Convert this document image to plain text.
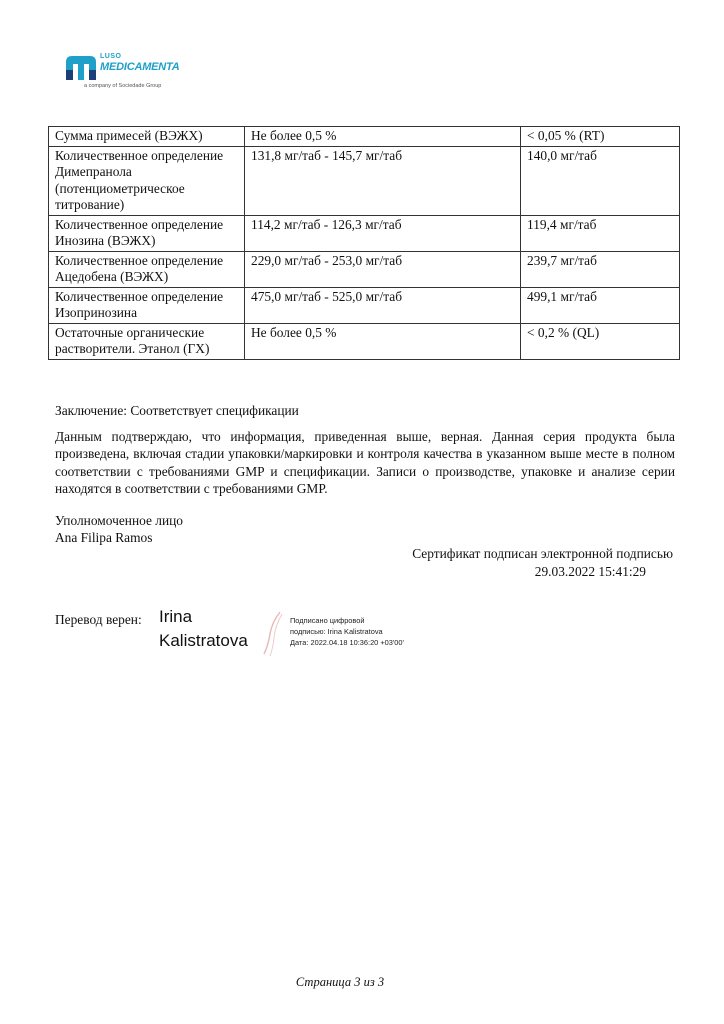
LUSO
MEDICAMENTA
a company of Sociedade Group
Сумма примесей (ВЭЖХ)	Не более 0,5 %	< 0,05 % (RT)
Количественное определение Димепранола (потенциометрическое титрование)	131,8 мг/таб - 145,7 мг/таб	140,0 мг/таб
Количественное определение Инозина (ВЭЖХ)	114,2 мг/таб - 126,3 мг/таб	119,4 мг/таб
Количественное определение Ацедобена (ВЭЖХ)	229,0 мг/таб - 253,0 мг/таб	239,7 мг/таб
Количественное определение Изопринозина	475,0 мг/таб - 525,0 мг/таб	499,1 мг/таб
Остаточные органические растворители. Этанол (ГХ)	Не более 0,5 %	< 0,2 % (QL)
Заключение: Соответствует спецификации
Данным подтверждаю, что информация, приведенная выше, верная. Данная серия продукта была произведена, включая стадии упаковки/маркировки и контроля качества в указанном выше месте в полном соответствии с требованиями GMP и спецификации. Записи о производстве, упаковке и анализе серии находятся в соответствии с требованиями GMP.
Уполномоченное лицо
Ana Filipa Ramos
Сертификат подписан электронной подписью
29.03.2022 15:41:29
Перевод верен: Irina
Kalistratova
Подписано цифровой
подписью: Irina Kalistratova
Дата: 2022.04.18 10:36:20 +03'00'
Страница 3 из 3
